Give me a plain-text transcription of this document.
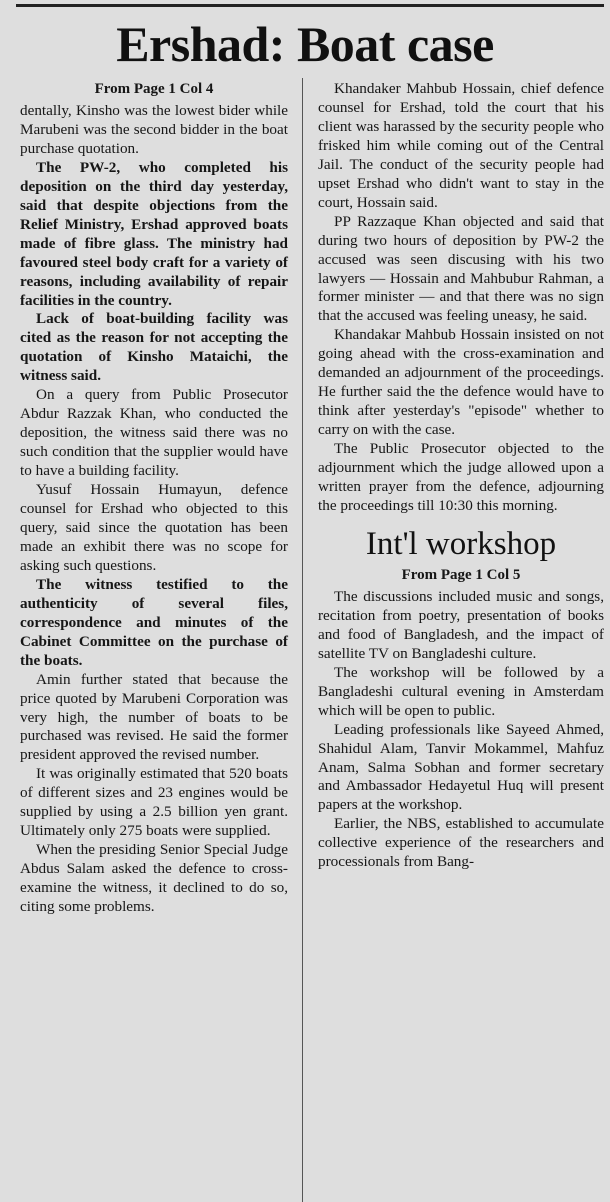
Ershad: Boat case
From Page 1 Col 4

dentally, Kinsho was the lowest bider while Marubeni was the second bidder in the boat purchase quotation.

The PW-2, who completed his deposition on the third day yesterday, said that despite objections from the Relief Ministry, Ershad approved boats made of fibre glass. The ministry had favoured steel body craft for a variety of reasons, including availability of repair facilities in the country.

Lack of boat-building facility was cited as the reason for not accepting the quotation of Kinsho Mataichi, the witness said.

On a query from Public Prosecutor Abdur Razzak Khan, who conducted the deposition, the witness said there was no such condition that the supplier would have to have a building facility.

Yusuf Hossain Humayun, defence counsel for Ershad who objected to this query, said since the quotation has been made an exhibit there was no scope for asking such questions.

The witness testified to the authenticity of several files, correspondence and minutes of the Cabinet Committee on the purchase of the boats.

Amin further stated that because the price quoted by Marubeni Corporation was very high, the number of boats to be purchased was revised. He said the former president approved the revised number.

It was originally estimated that 520 boats of different sizes and 23 engines would be supplied by using a 2.5 billion yen grant. Ultimately only 275 boats were supplied.

When the presiding Senior Special Judge Abdus Salam asked the defence to cross-examine the witness, it declined to do so, citing some problems.

Khandaker Mahbub Hossain, chief defence counsel for Ershad, told the court that his client was harassed by the security people who frisked him while coming out of the Central Jail. The conduct of the security people had upset Ershad who didn't want to stay in the court, Hossain said.

PP Razzaque Khan objected and said that during two hours of deposition by PW-2 the accused was seen discusing with his two lawyers — Hossain and Mahbubur Rahman, a former minister — and that there was no sign that the accused was feeling uneasy, he said.

Khandakar Mahbub Hossain insisted on not going ahead with the cross-examination and demanded an adjournment of the proceedings. He further said the the defence would have to think after yesterday's "episode" whether to carry on with the case.

The Public Prosecutor objected to the adjournment which the judge allowed upon a written prayer from the defence, adjourning the proceedings till 10:30 this morning.

Int'l workshop
From Page 1 Col 5

The discussions included music and songs, recitation from poetry, presentation of books and food of Bangladesh, and the impact of satellite TV on Bangladeshi culture.

The workshop will be followed by a Bangladeshi cultural evening in Amsterdam which will be open to public.

Leading professionals like Sayeed Ahmed, Shahidul Alam, Tanvir Mokammel, Mahfuz Anam, Salma Sobhan and former secretary and Ambassador Hedayetul Huq will present papers at the workshop.

Earlier, the NBS, established to accumulate collective experience of the researchers and processionals from Bang-
